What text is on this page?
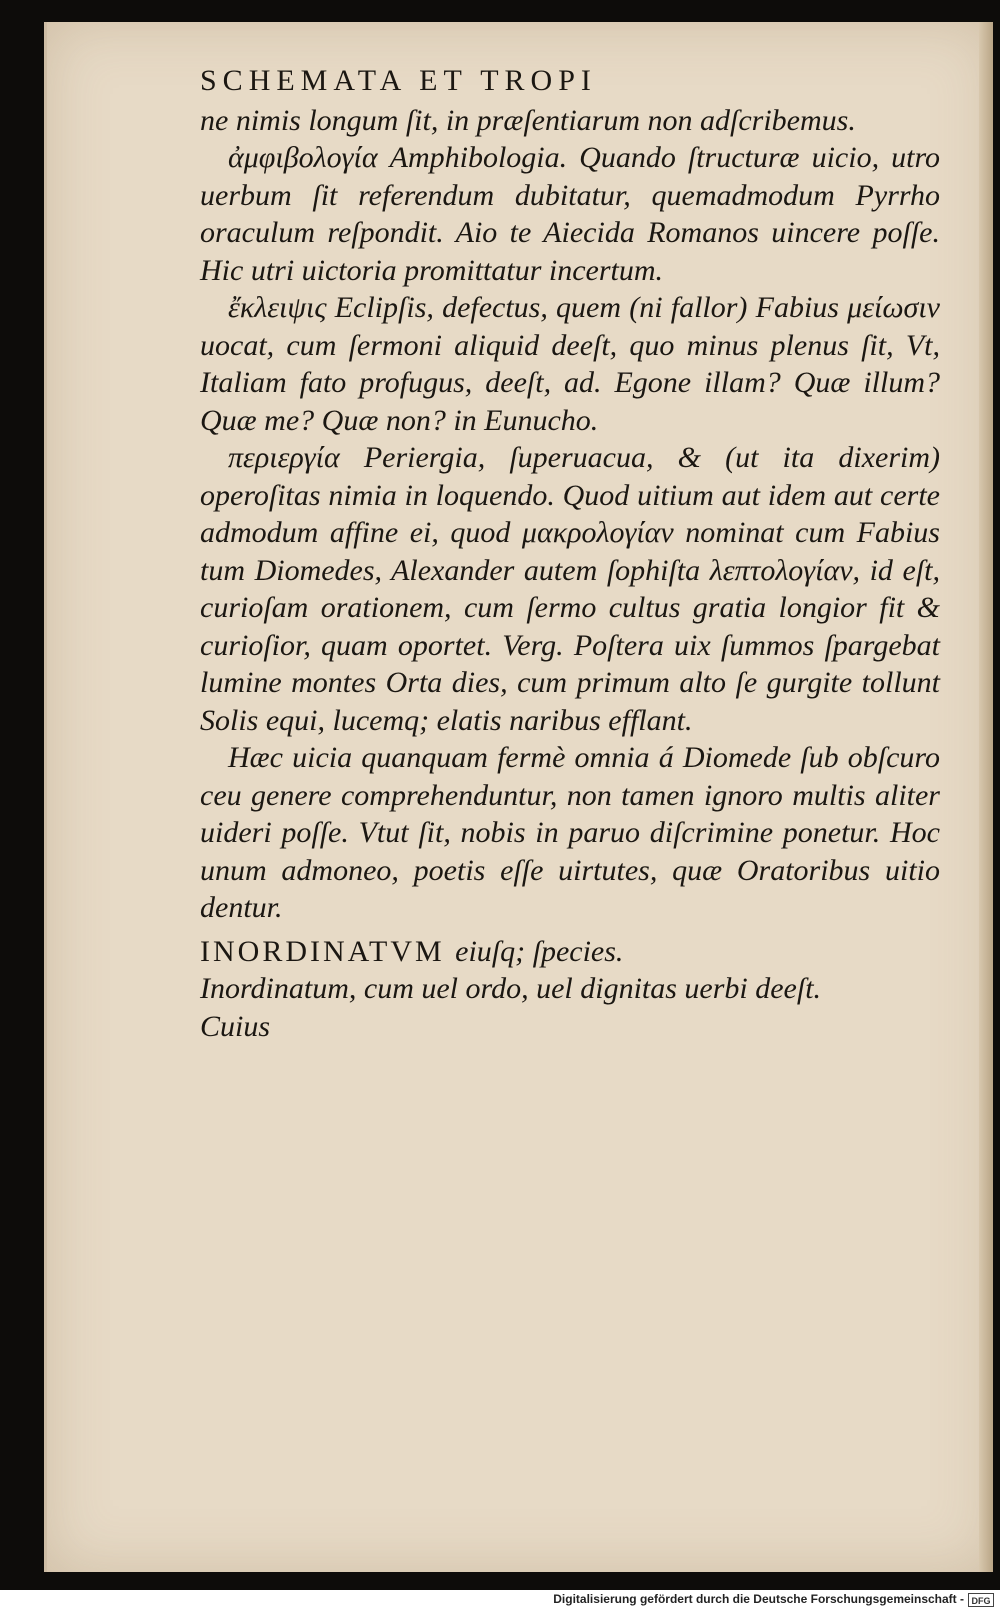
SCHEMATA ET TROPI

ne nimis longum ſit, in præſentiarum non adſcribemus.

ἀμφιβολογία Amphibologia. Quando ſtructuræ uicio, utro uerbum ſit referendum dubitatur, quemadmodum Pyrrho oraculum reſpondit. Aio te Aiecida Romanos uincere poſſe. Hic utri uictoria promittatur incertum.

ἔκλειψις Eclipſis, defectus, quem (ni fallor) Fabius μείωσιν uocat, cum ſermoni aliquid deeſt, quo minus plenus ſit, Vt, Italiam fato profugus, deeſt, ad. Egone illam? Quæ illum? Quæ me? Quæ non? in Eunucho.

περιεργία Periergia, ſuperuacua, & (ut ita dixerim) operoſitas nimia in loquendo. Quod uitium aut idem aut certe admodum affine ei, quod μακρολογίαν nominat cum Fabius tum Diomedes, Alexander autem ſophiſta λεπτολογίαν, id eſt, curioſam orationem, cum ſermo cultus gratia longior fit & curioſior, quam oportet. Verg. Poſtera uix ſummos ſpargebat lumine montes Orta dies, cum primum alto ſe gurgite tollunt Solis equi, lucemq; elatis naribus efflant.

Hæc uicia quanquam fermè omnia á Diomede ſub obſcuro ceu genere comprehenduntur, non tamen ignoro multis aliter uideri poſſe. Vtut ſit, nobis in paruo diſcrimine ponetur. Hoc unum admoneo, poetis eſſe uirtutes, quæ Oratoribus uitio dentur.

INORDINATVM eiuſq; ſpecies.

Inordinatum, cum uel ordo, uel dignitas uerbi deeſt.

Cuius

Digitalisierung gefördert durch die Deutsche Forschungsgemeinschaft - DFG
